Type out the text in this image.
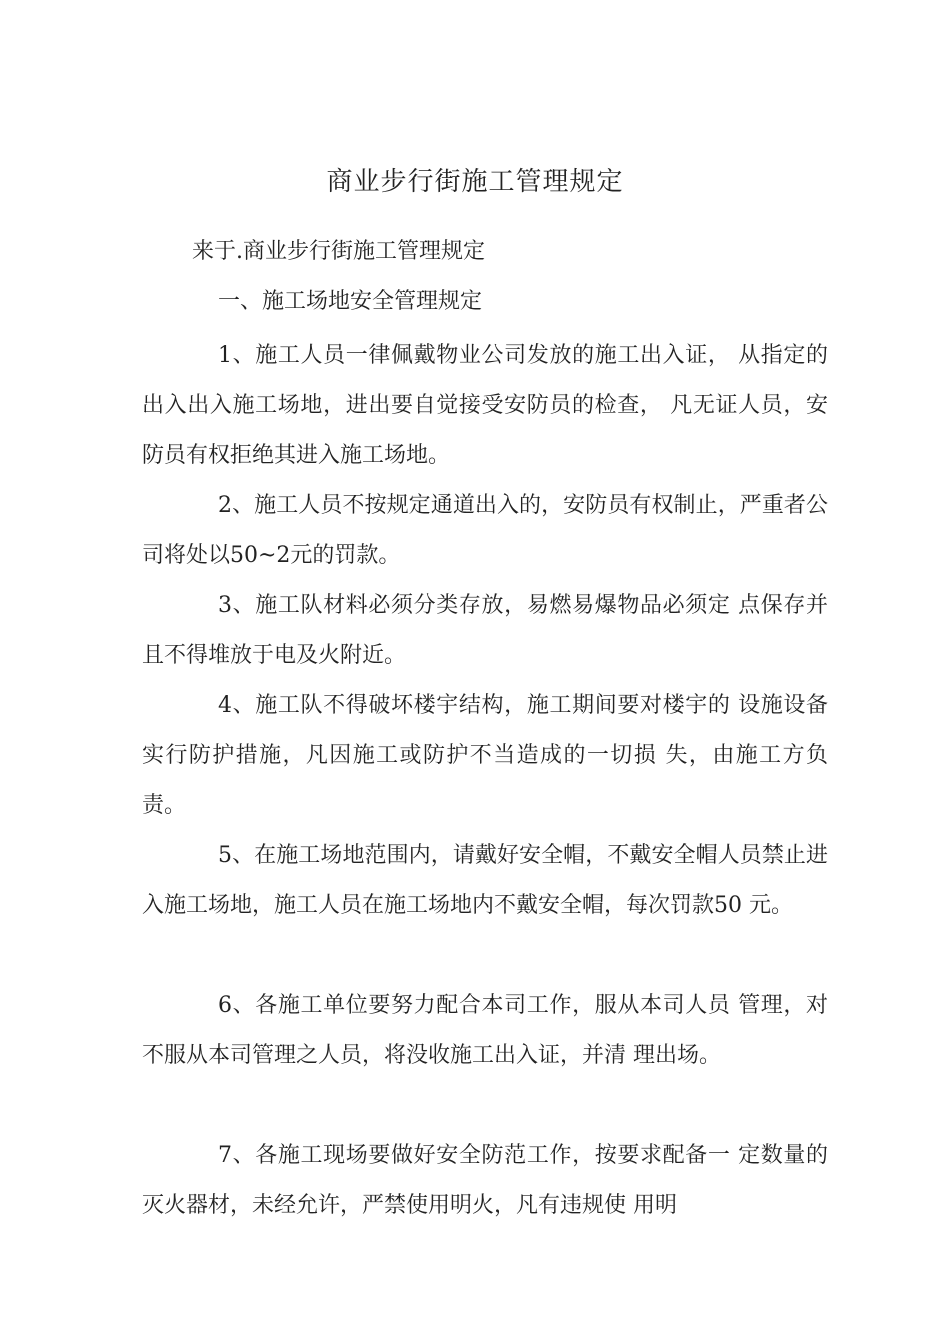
商业步行街施工管理规定
来于.商业步行街施工管理规定
一、施工场地安全管理规定

1、施工人员一律佩戴物业公司发放的施工出入证， 从指定的出入出入施工场地，进出要自觉接受安防员的检查， 凡无证人员，安防员有权拒绝其进入施工场地。

2、施工人员不按规定通道出入的，安防员有权制止，严重者公司将处以50~2元的罚款。

3、施工队材料必须分类存放，易燃易爆物品必须定 点保存并且不得堆放于电及火附近。

4、施工队不得破坏楼宇结构，施工期间要对楼宇的 设施设备实行防护措施，凡因施工或防护不当造成的一切损 失，由施工方负责。

5、在施工场地范围内，请戴好安全帽，不戴安全帽人员禁止进入施工场地，施工人员在施工场地内不戴安全帽，每次罚款50 元。

6、各施工单位要努力配合本司工作，服从本司人员 管理，对不服从本司管理之人员，将没收施工出入证，并清 理出场。

7、各施工现场要做好安全防范工作，按要求配备一 定数量的灭火器材，未经允许，严禁使用明火，凡有违规使 用明
